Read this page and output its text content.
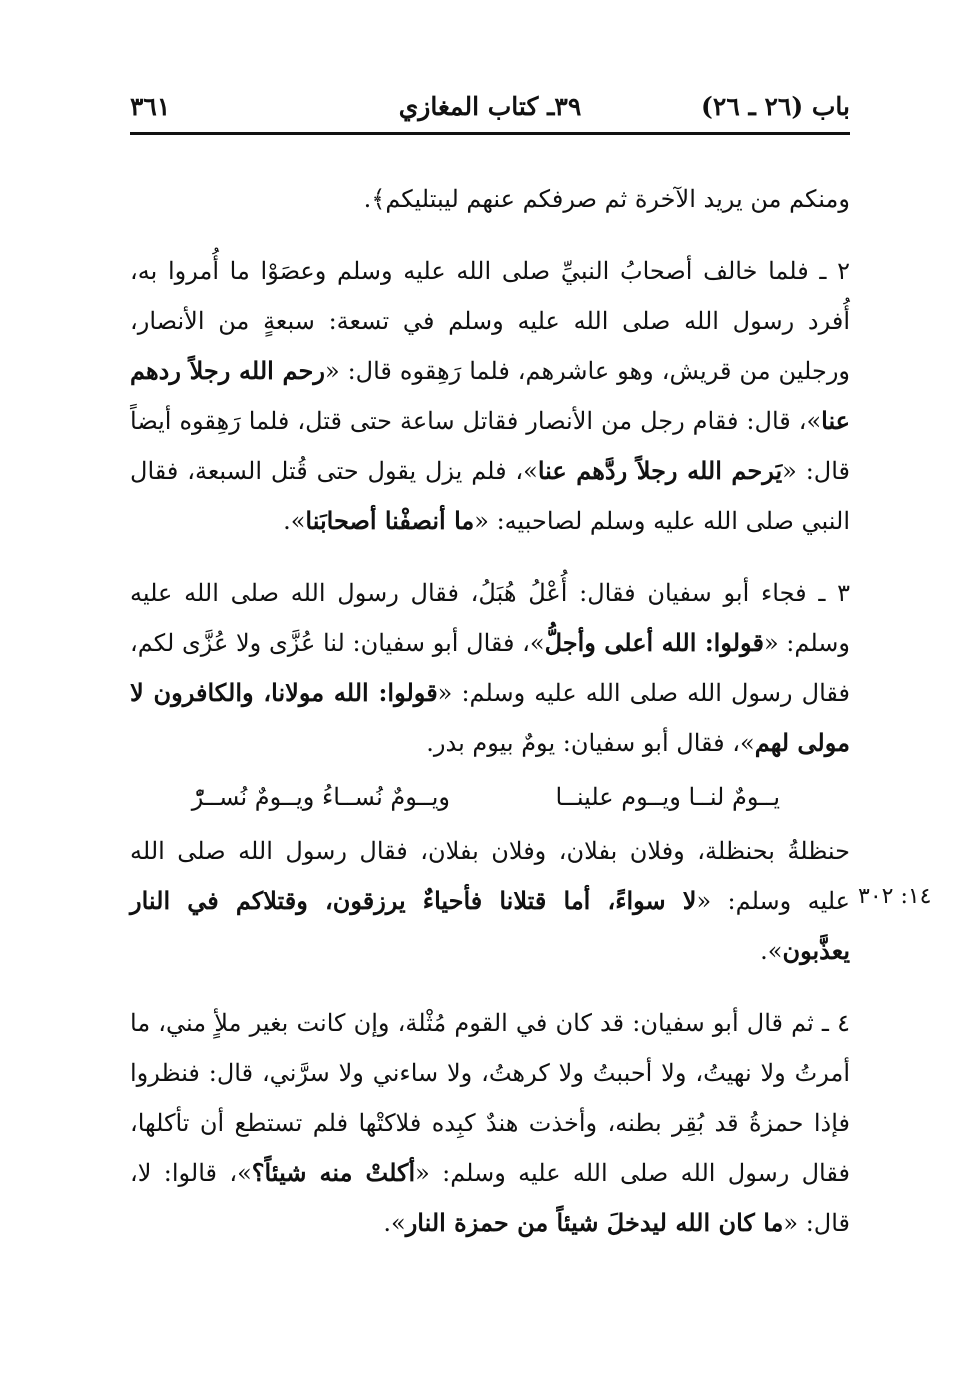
باب (٢٦ ـ ٢٦)
٣٩ـ كتاب المغازي
٣٦١

ومنكم من يريد الآخرة ثم صرفكم عنهم ليبتليكم﴾.

٢ ـ فلما خالف أصحابُ النبيِّ صلى الله عليه وسلم وعصَوْا ما أُمروا به، أُفرد رسول الله صلى الله عليه وسلم في تسعة: سبعةٍ من الأنصار، ورجلين من قريش، وهو عاشرهم، فلما رَهِقوه قال: «رحم الله رجلاً ردهم عنا»، قال: فقام رجل من الأنصار فقاتل ساعة حتى قتل، فلما رَهِقوه أيضاً قال: «يَرحم الله رجلاً ردَّهم عنا»، فلم يزل يقول حتى قُتل السبعة، فقال النبي صلى الله عليه وسلم لصاحبيه: «ما أنصفْنا أصحابَنا».

٣ ـ فجاء أبو سفيان فقال: أُعْلُ هُبَلُ، فقال رسول الله صلى الله عليه وسلم: «قولوا: الله أعلى وأجلُّ»، فقال أبو سفيان: لنا عُزَّى ولا عُزَّى لكم، فقال رسول الله صلى الله عليه وسلم: «قولوا: الله مولانا، والكافرون لا مولى لهم»، فقال أبو سفيان: يومٌ بيوم بدر.

يــومٌ لنــا ويــوم علينــا
ويــومٌ نُســاءُ ويــومٌ نُســرّْ

حنظلةُ بحنظلة، وفلان بفلان، وفلان بفلان، فقال رسول الله صلى الله عليه وسلم: «لا سواءً، أما قتلانا فأحياءٌ يرزقون، وقتلاكم في النار يعذَّبون».

٤ ـ ثم قال أبو سفيان: قد كان في القوم مُثْلة، وإن كانت بغير ملأٍ مني، ما أمرتُ ولا نهيتُ، ولا أحببتُ ولا كرهتُ، ولا ساءني ولا سرَّني، قال: فنظروا فإذا حمزةُ قد بُقِر بطنه، وأخذت هندٌ كبِده فلاكتْها فلم تستطع أن تأكلها، فقال رسول الله صلى الله عليه وسلم: «أكلتْ منه شيئاً؟»، قالوا: لا، قال: «ما كان الله ليدخلَ شيئاً من حمزة النار».

١٤: ٣٠٢
